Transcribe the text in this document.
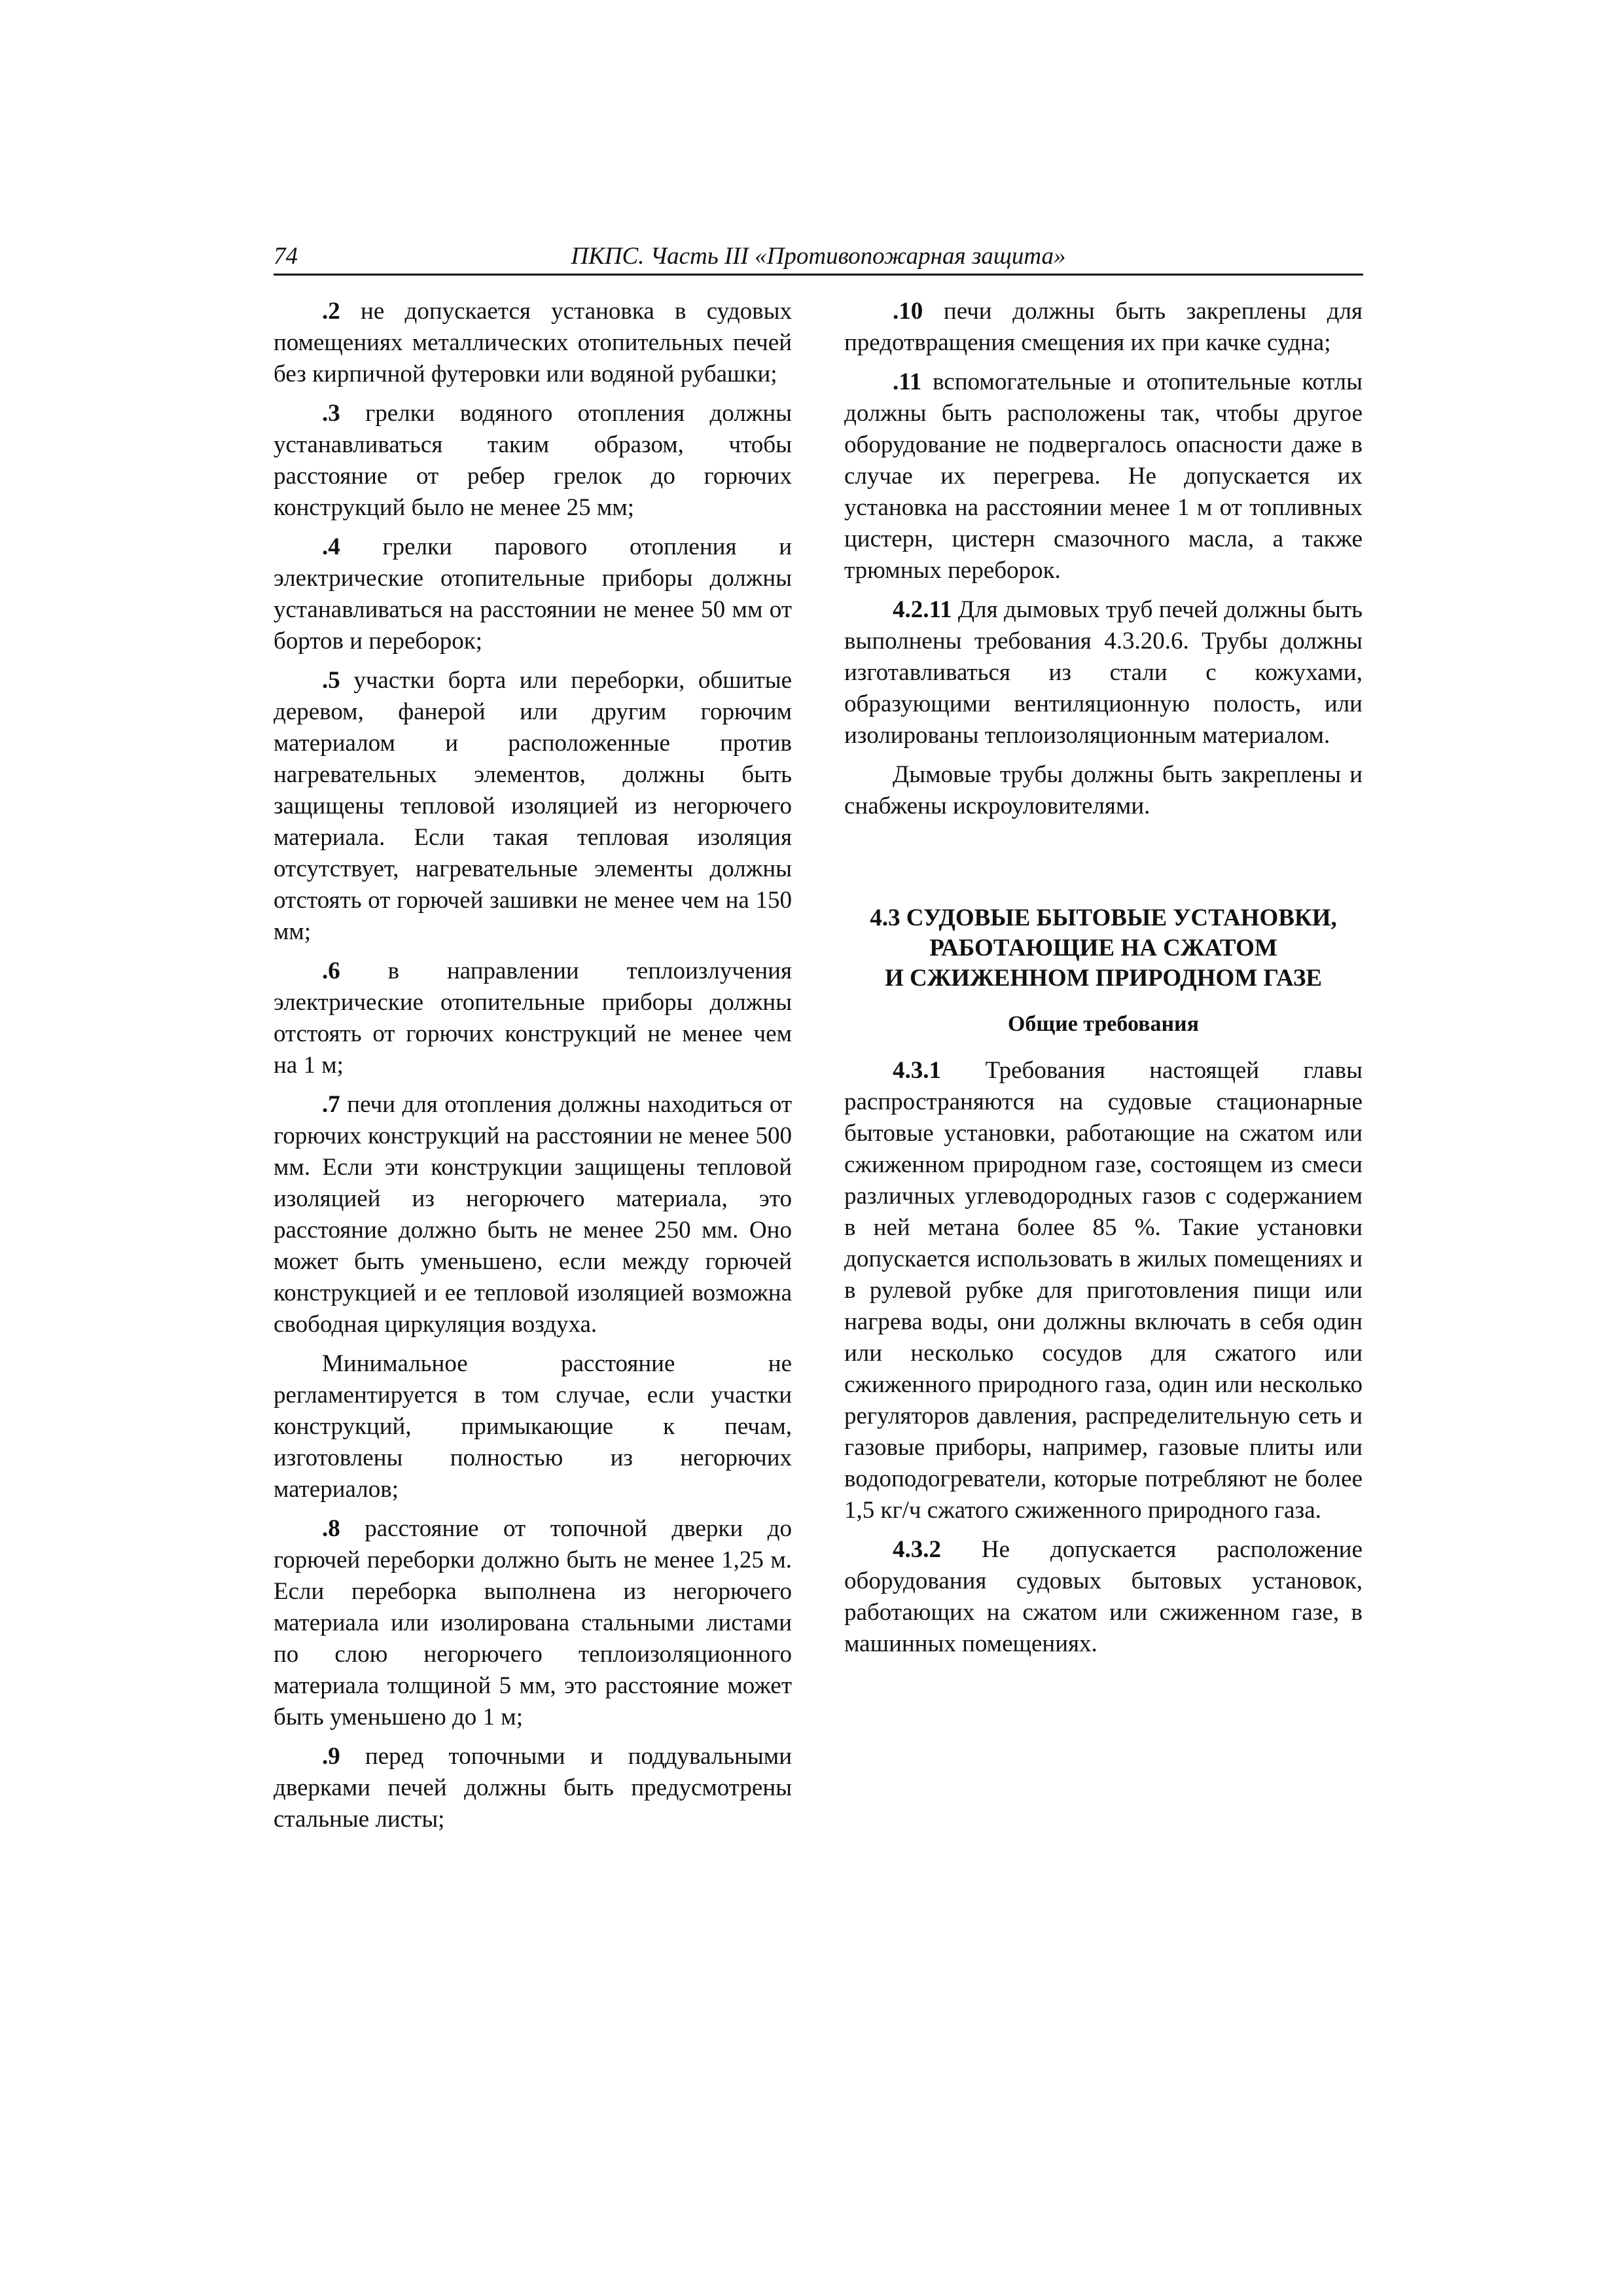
74	ПКПС. Часть III «Противопожарная защита»

.2 не допускается установка в судовых помещениях металлических отопительных печей без кирпичной футеровки или водяной рубашки;

.3 грелки водяного отопления должны устанавливаться таким образом, чтобы расстояние от ребер грелок до горючих конструкций было не менее 25 мм;

.4 грелки парового отопления и электрические отопительные приборы должны устанавливаться на расстоянии не менее 50 мм от бортов и переборок;

.5 участки борта или переборки, обшитые деревом, фанерой или другим горючим материалом и расположенные против нагревательных элементов, должны быть защищены тепловой изоляцией из негорючего материала. Если такая тепловая изоляция отсутствует, нагревательные элементы должны отстоять от горючей зашивки не менее чем на 150 мм;

.6 в направлении теплоизлучения электрические отопительные приборы должны отстоять от горючих конструкций не менее чем на 1 м;

.7 печи для отопления должны находиться от горючих конструкций на расстоянии не менее 500 мм. Если эти конструкции защищены тепловой изоляцией из негорючего материала, это расстояние должно быть не менее 250 мм. Оно может быть уменьшено, если между горючей конструкцией и ее тепловой изоляцией возможна свободная циркуляция воздуха.

Минимальное расстояние не регламентируется в том случае, если участки конструкций, примыкающие к печам, изготовлены полностью из негорючих материалов;

.8 расстояние от топочной дверки до горючей переборки должно быть не менее 1,25 м. Если переборка выполнена из негорючего материала или изолирована стальными листами по слою негорючего теплоизоляционного материала толщиной 5 мм, это расстояние может быть уменьшено до 1 м;

.9 перед топочными и поддувальными дверками печей должны быть предусмотрены стальные листы;

.10 печи должны быть закреплены для предотвращения смещения их при качке судна;

.11 вспомогательные и отопительные котлы должны быть расположены так, чтобы другое оборудование не подвергалось опасности даже в случае их перегрева. Не допускается их установка на расстоянии менее 1 м от топливных цистерн, цистерн смазочного масла, а также трюмных переборок.

4.2.11 Для дымовых труб печей должны быть выполнены требования 4.3.20.6. Трубы должны изготавливаться из стали с кожухами, образующими вентиляционную полость, или изолированы теплоизоляционным материалом.

Дымовые трубы должны быть закреплены и снабжены искроуловителями.

4.3 СУДОВЫЕ БЫТОВЫЕ УСТАНОВКИ,
РАБОТАЮЩИЕ НА СЖАТОМ
И СЖИЖЕННОМ ПРИРОДНОМ ГАЗЕ
Общие требования

4.3.1 Требования настоящей главы распространяются на судовые стационарные бытовые установки, работающие на сжатом или сжиженном природном газе, состоящем из смеси различных углеводородных газов с содержанием в ней метана более 85 %. Такие установки допускается использовать в жилых помещениях и в рулевой рубке для приготовления пищи или нагрева воды, они должны включать в себя один или несколько сосудов для сжатого или сжиженного природного газа, один или несколько регуляторов давления, распределительную сеть и газовые приборы, например, газовые плиты или водоподогреватели, которые потребляют не более 1,5 кг/ч сжатого сжиженного природного газа.

4.3.2 Не допускается расположение оборудования судовых бытовых установок, работающих на сжатом или сжиженном газе, в машинных помещениях.
